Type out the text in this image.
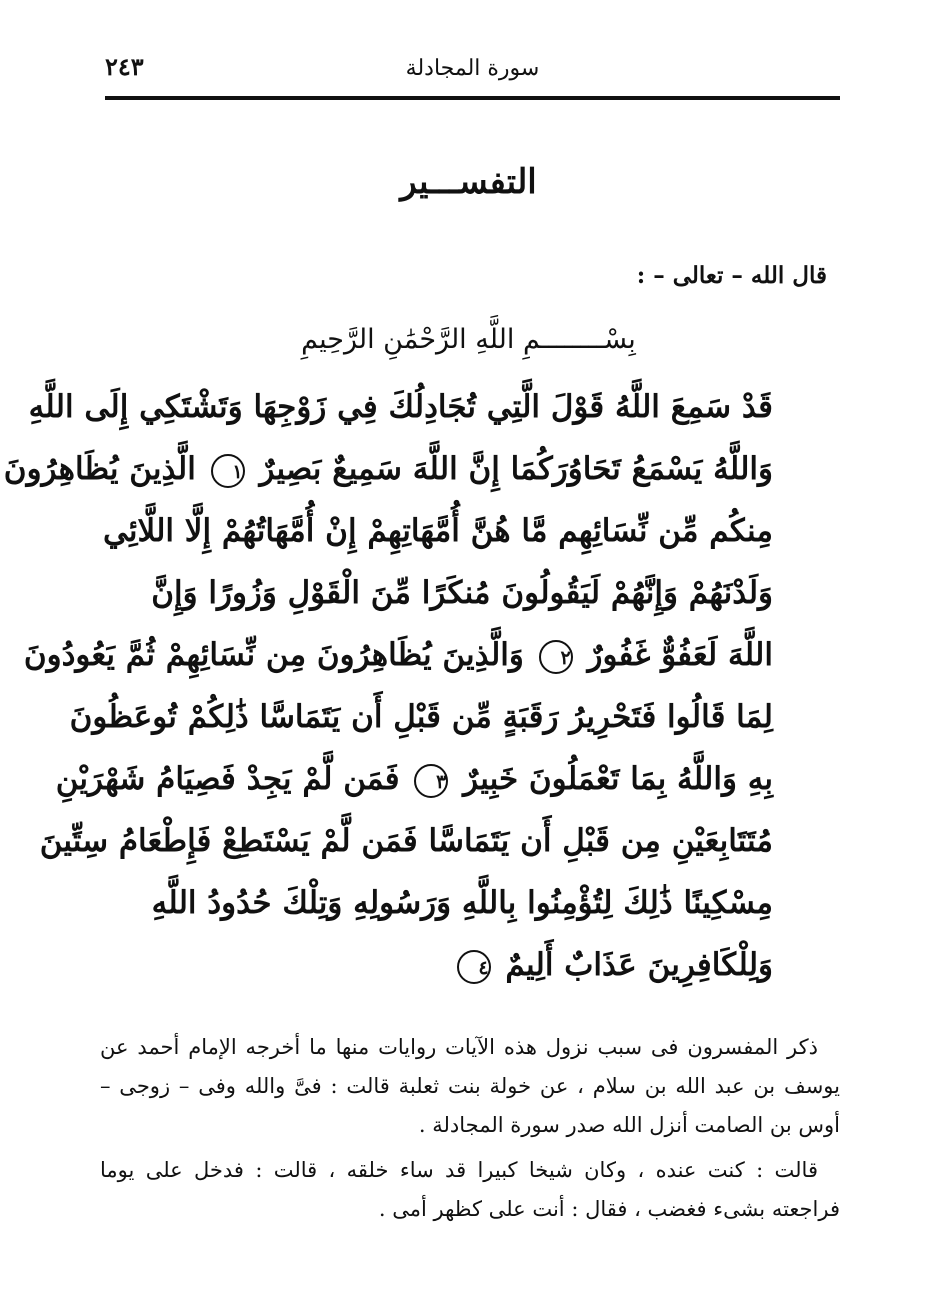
٢٤٣	سورة المجادلة
التفســـير
قال الله – تعالى – :
بِسْــــــــمِ اللَّهِ الرَّحْمَٰنِ الرَّحِيمِ
قَدْ سَمِعَ اللَّهُ قَوْلَ الَّتِي تُجَادِلُكَ فِي زَوْجِهَا وَتَشْتَكِي إِلَى اللَّهِ
وَاللَّهُ يَسْمَعُ تَحَاوُرَكُمَا إِنَّ اللَّهَ سَمِيعٌ بَصِيرٌ ١ الَّذِينَ يُظَاهِرُونَ
مِنكُم مِّن نِّسَائِهِم مَّا هُنَّ أُمَّهَاتِهِمْ إِنْ أُمَّهَاتُهُمْ إِلَّا اللَّائِي
وَلَدْنَهُمْ وَإِنَّهُمْ لَيَقُولُونَ مُنكَرًا مِّنَ الْقَوْلِ وَزُورًا وَإِنَّ
اللَّهَ لَعَفُوٌّ غَفُورٌ ٢ وَالَّذِينَ يُظَاهِرُونَ مِن نِّسَائِهِمْ ثُمَّ يَعُودُونَ
لِمَا قَالُوا فَتَحْرِيرُ رَقَبَةٍ مِّن قَبْلِ أَن يَتَمَاسَّا ذَٰلِكُمْ تُوعَظُونَ
بِهِ وَاللَّهُ بِمَا تَعْمَلُونَ خَبِيرٌ ٣ فَمَن لَّمْ يَجِدْ فَصِيَامُ شَهْرَيْنِ
مُتَتَابِعَيْنِ مِن قَبْلِ أَن يَتَمَاسَّا فَمَن لَّمْ يَسْتَطِعْ فَإِطْعَامُ سِتِّينَ
مِسْكِينًا ذَٰلِكَ لِتُؤْمِنُوا بِاللَّهِ وَرَسُولِهِ وَتِلْكَ حُدُودُ اللَّهِ
وَلِلْكَافِرِينَ عَذَابٌ أَلِيمٌ ٤

ذكر المفسرون فى سبب نزول هذه الآيات روايات منها ما أخرجه الإمام أحمد عن يوسف بن عبد الله بن سلام ، عن خولة بنت ثعلبة قالت : فىَّ والله وفى – زوجى – أوس بن الصامت أنزل الله صدر سورة المجادلة .

قالت : كنت عنده ، وكان شيخا كبيرا قد ساء خلقه ، قالت : فدخل على يوما فراجعته بشىء فغضب ، فقال : أنت على كظهر أمى .
